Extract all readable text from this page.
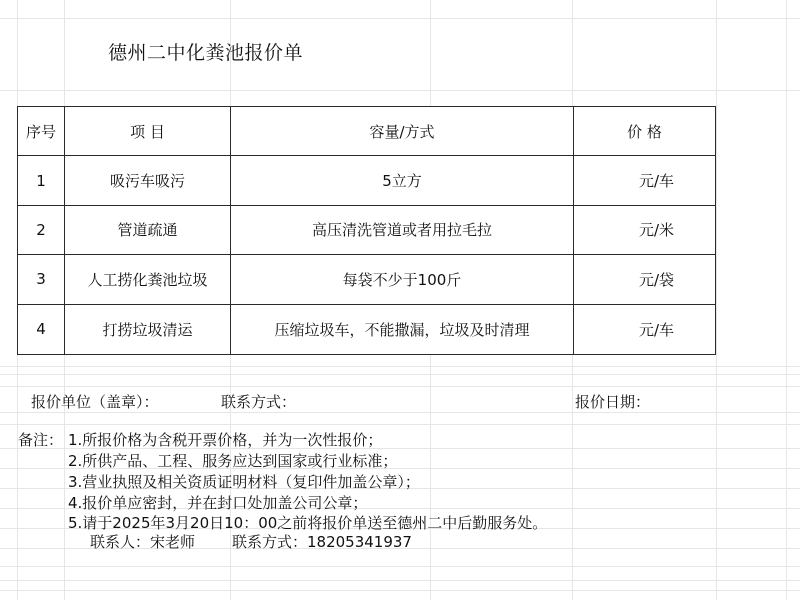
德州二中化粪池报价单
序号	项 目	容量/方式	价 格
1	吸污车吸污	5立方	元/车
2	管道疏通	高压清洗管道或者用拉毛拉	元/米
3	人工捞化粪池垃圾	每袋不少于100斤	元/袋
4	打捞垃圾清运	压缩垃圾车，不能撒漏，垃圾及时清理	元/车
报价单位（盖章）：	联系方式：	报价日期：
备注： 1.所报价格为含税开票价格，并为一次性报价；
2.所供产品、工程、服务应达到国家或行业标准；
3.营业执照及相关资质证明材料（复印件加盖公章）；
4.报价单应密封，并在封口处加盖公司公章；
5.请于2025年3月20日10：00之前将报价单送至德州二中后勤服务处。
联系人：宋老师 联系方式：18205341937
